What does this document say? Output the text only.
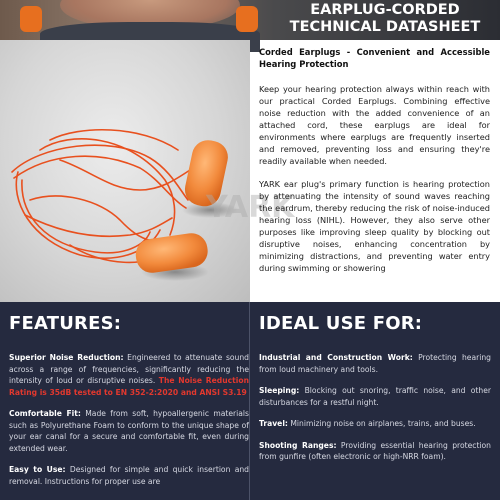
EARPLUG-CORDED
TECHNICAL DATASHEET
YARK
Corded Earplugs - Convenient and Accessible Hearing Protection

Keep your hearing protection always within reach with our practical Corded Earplugs. Combining effective noise reduction with the added convenience of an attached cord, these earplugs are ideal for environments where earplugs are frequently inserted and removed, preventing loss and ensuring they're readily available when needed.

YARK ear plug's primary function is hearing protection by attenuating the intensity of sound waves reaching the eardrum, thereby reducing the risk of noise-induced hearing loss (NIHL). However, they also serve other purposes like improving sleep quality by blocking out disruptive noises, enhancing concentration by minimizing distractions, and preventing water entry during swimming or showering

FEATURES:

Superior Noise Reduction: Engineered to attenuate sound across a range of frequencies, significantly reducing the intensity of loud or disruptive noises. The Noise Reduction Rating is 35dB tested to EN 352-2:2020 and ANSI S3.19

Comfortable Fit: Made from soft, hypoallergenic materials such as Polyurethane Foam to conform to the unique shape of your ear canal for a secure and comfortable fit, even during extended wear.

Easy to Use: Designed for simple and quick insertion and removal. Instructions for proper use are

IDEAL USE FOR:

Industrial and Construction Work: Protecting hearing from loud machinery and tools.

Sleeping: Blocking out snoring, traffic noise, and other disturbances for a restful night.

Travel: Minimizing noise on airplanes, trains, and buses.

Shooting Ranges: Providing essential hearing protection from gunfire (often electronic or high-NRR foam).
